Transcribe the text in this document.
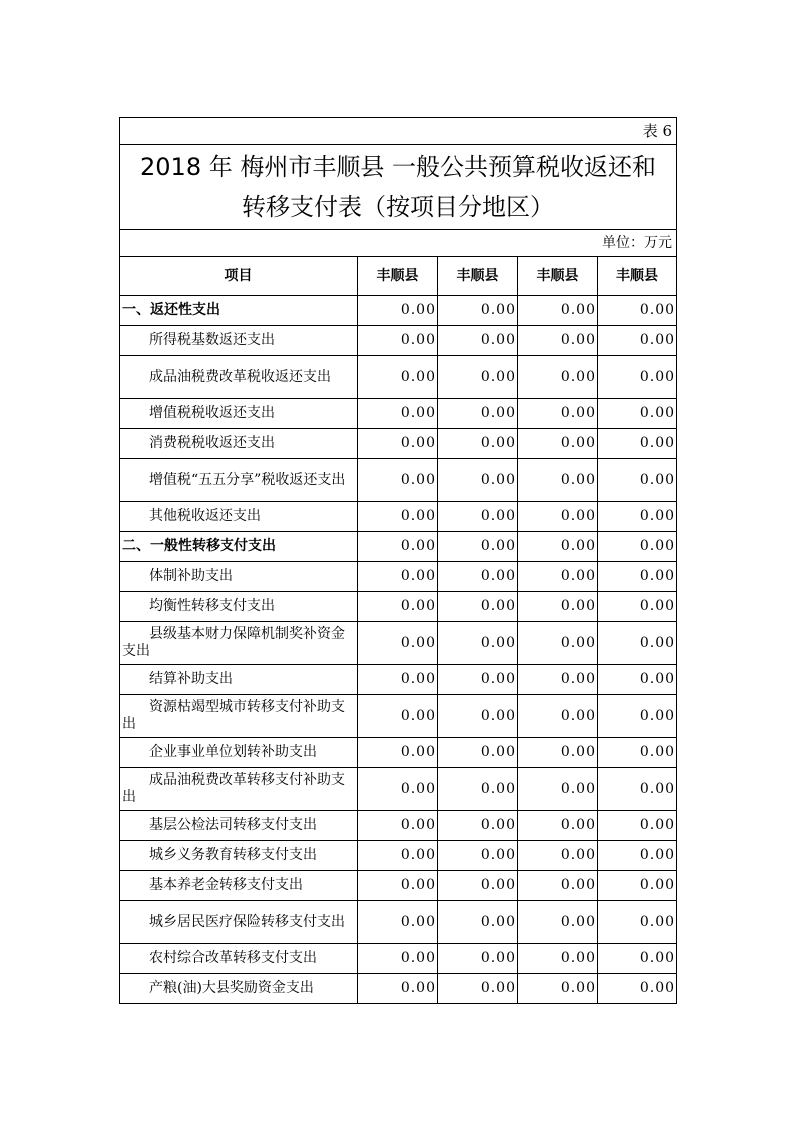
表 6				

2018 年 梅州市丰顺县 一般公共预算税收返还和
转移支付表（按项目分地区）				

单位：万元				
项目	丰顺县	丰顺县	丰顺县	丰顺县
一、返还性支出	0.00	0.00	0.00	0.00
所得税基数返还支出	0.00	0.00	0.00	0.00
成品油税费改革税收返还支出	0.00	0.00	0.00	0.00
增值税税收返还支出	0.00	0.00	0.00	0.00
消费税税收返还支出	0.00	0.00	0.00	0.00
增值税“五五分享”税收返还支出	0.00	0.00	0.00	0.00
其他税收返还支出	0.00	0.00	0.00	0.00
二、一般性转移支付支出	0.00	0.00	0.00	0.00
体制补助支出	0.00	0.00	0.00	0.00
均衡性转移支付支出	0.00	0.00	0.00	0.00
县级基本财力保障机制奖补资金支出	0.00	0.00	0.00	0.00
结算补助支出	0.00	0.00	0.00	0.00
资源枯竭型城市转移支付补助支出	0.00	0.00	0.00	0.00
企业事业单位划转补助支出	0.00	0.00	0.00	0.00
成品油税费改革转移支付补助支出	0.00	0.00	0.00	0.00
基层公检法司转移支付支出	0.00	0.00	0.00	0.00
城乡义务教育转移支付支出	0.00	0.00	0.00	0.00
基本养老金转移支付支出	0.00	0.00	0.00	0.00
城乡居民医疗保险转移支付支出	0.00	0.00	0.00	0.00
农村综合改革转移支付支出	0.00	0.00	0.00	0.00
产粮(油)大县奖励资金支出	0.00	0.00	0.00	0.00
